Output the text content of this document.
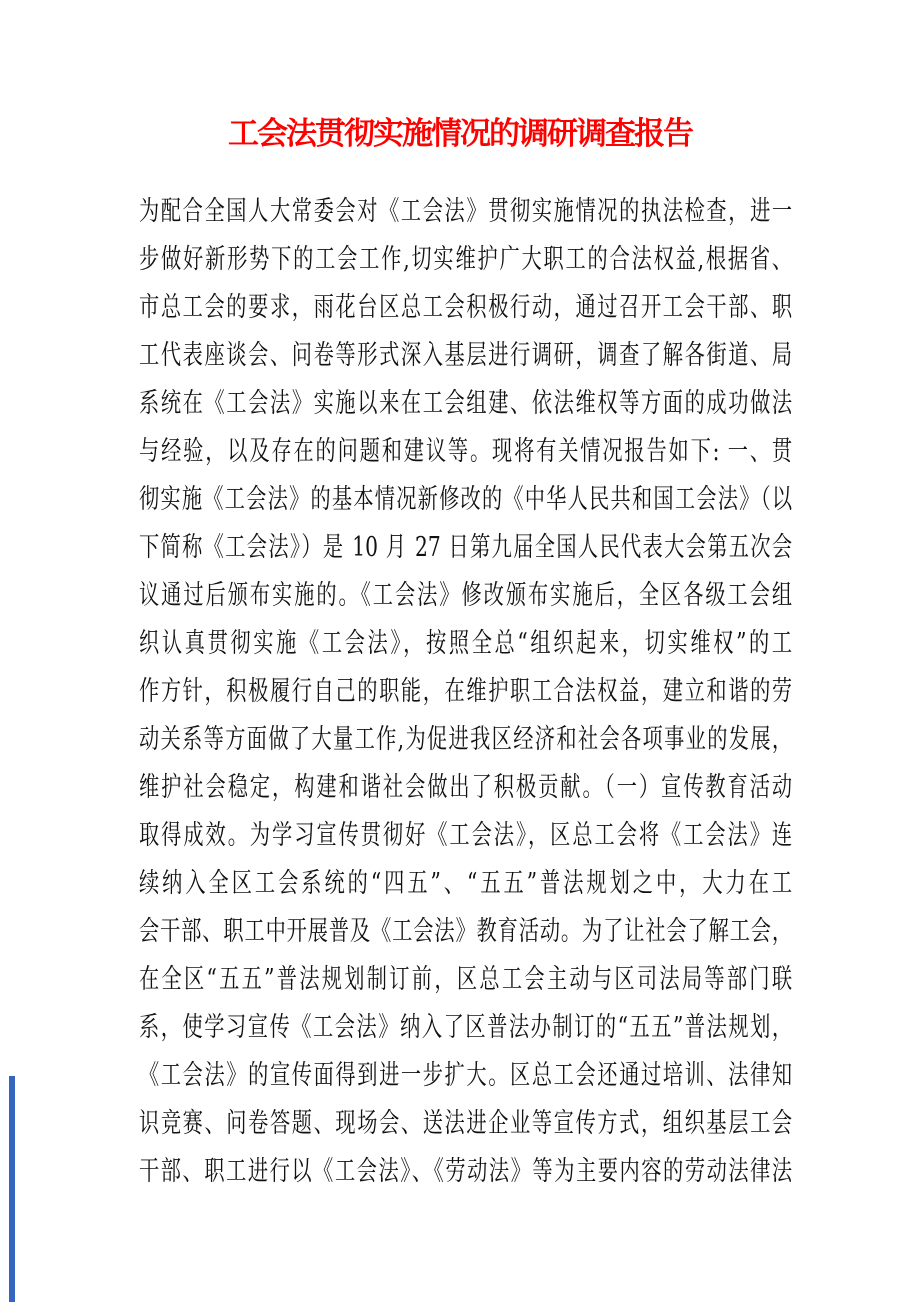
工会法贯彻实施情况的调研调查报告
为配合全国人大常委会对《工会法》贯彻实施情况的执法检查，进一
步做好新形势下的工会工作,切实维护广大职工的合法权益,根据省、
市总工会的要求，雨花台区总工会积极行动，通过召开工会干部、职
工代表座谈会、问卷等形式深入基层进行调研，调查了解各街道、局
系统在《工会法》实施以来在工会组建、依法维权等方面的成功做法
与经验，以及存在的问题和建议等。现将有关情况报告如下: 一、贯
彻实施《工会法》的基本情况新修改的《中华人民共和国工会法》（以
下简称《工会法》）是 10 月 27 日第九届全国人民代表大会第五次会
议通过后颁布实施的。《工会法》修改颁布实施后，全区各级工会组
织认真贯彻实施《工会法》，按照全总“组织起来，切实维权”的工
作方针，积极履行自己的职能，在维护职工合法权益，建立和谐的劳
动关系等方面做了大量工作,为促进我区经济和社会各项事业的发展，
维护社会稳定，构建和谐社会做出了积极贡献。（一）宣传教育活动
取得成效。为学习宣传贯彻好《工会法》，区总工会将《工会法》连
续纳入全区工会系统的“四五”、“五五”普法规划之中，大力在工
会干部、职工中开展普及《工会法》教育活动。为了让社会了解工会，
在全区“五五”普法规划制订前，区总工会主动与区司法局等部门联
系，使学习宣传《工会法》纳入了区普法办制订的“五五”普法规划，
《工会法》的宣传面得到进一步扩大。区总工会还通过培训、法律知
识竞赛、问卷答题、现场会、送法进企业等宣传方式，组织基层工会
干部、职工进行以《工会法》、《劳动法》等为主要内容的劳动法律法
